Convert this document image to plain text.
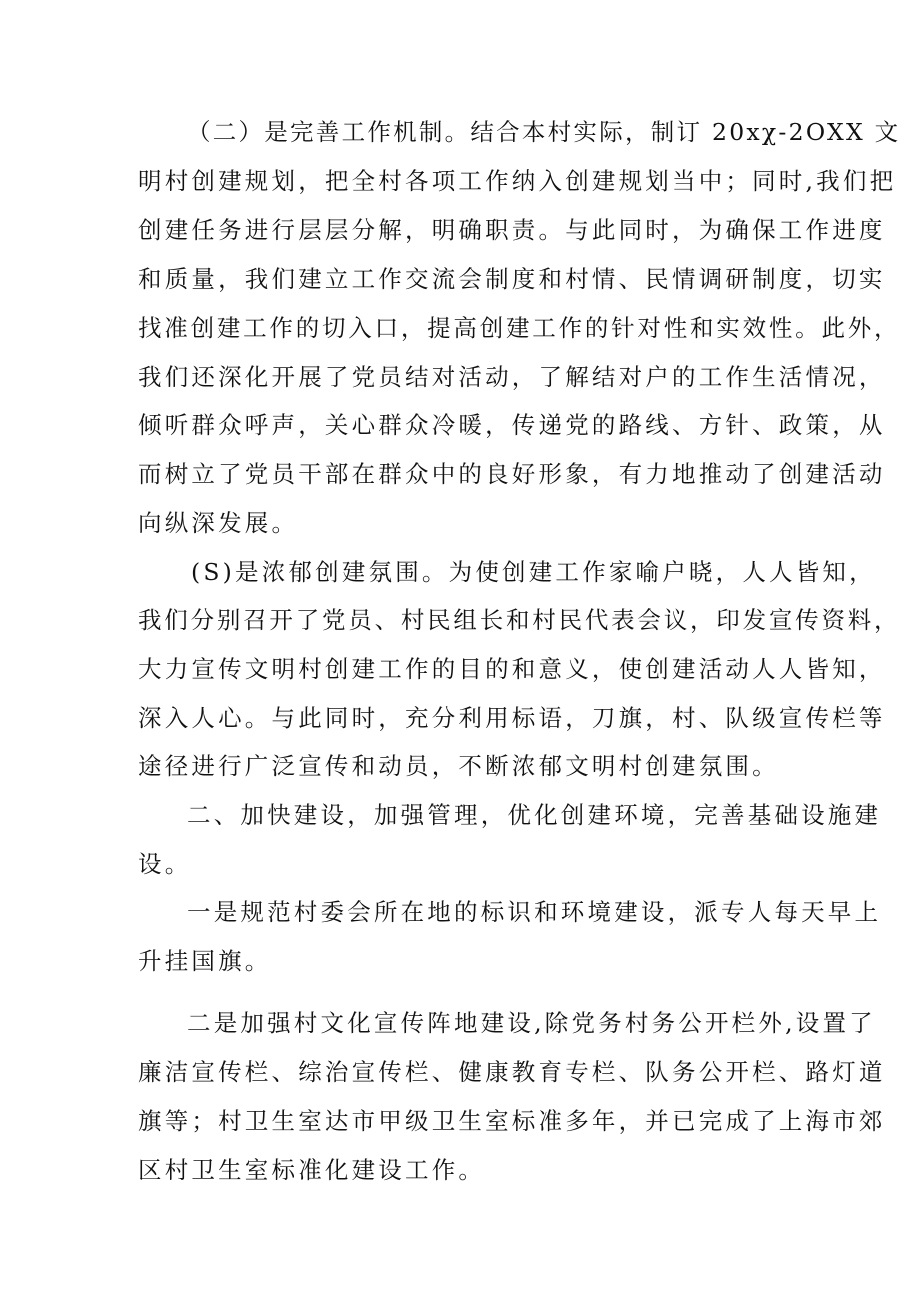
（二）是完善工作机制。结合本村实际，制订 20xχ-2OXX 文
明村创建规划，把全村各项工作纳入创建规划当中；同时,我们把
创建任务进行层层分解，明确职责。与此同时，为确保工作进度
和质量，我们建立工作交流会制度和村情、民情调研制度，切实
找准创建工作的切入口，提高创建工作的针对性和实效性。此外，
我们还深化开展了党员结对活动，了解结对户的工作生活情况，
倾听群众呼声，关心群众冷暖，传递党的路线、方针、政策，从
而树立了党员干部在群众中的良好形象，有力地推动了创建活动
向纵深发展。
(S)是浓郁创建氛围。为使创建工作家喻户晓，人人皆知，
我们分别召开了党员、村民组长和村民代表会议，印发宣传资料，
大力宣传文明村创建工作的目的和意义，使创建活动人人皆知，
深入人心。与此同时，充分利用标语，刀旗，村、队级宣传栏等
途径进行广泛宣传和动员，不断浓郁文明村创建氛围。
二、加快建设，加强管理，优化创建环境，完善基础设施建
设。
一是规范村委会所在地的标识和环境建设，派专人每天早上
升挂国旗。
二是加强村文化宣传阵地建设,除党务村务公开栏外,设置了
廉洁宣传栏、综治宣传栏、健康教育专栏、队务公开栏、路灯道
旗等；村卫生室达市甲级卫生室标准多年，并已完成了上海市郊
区村卫生室标准化建设工作。
